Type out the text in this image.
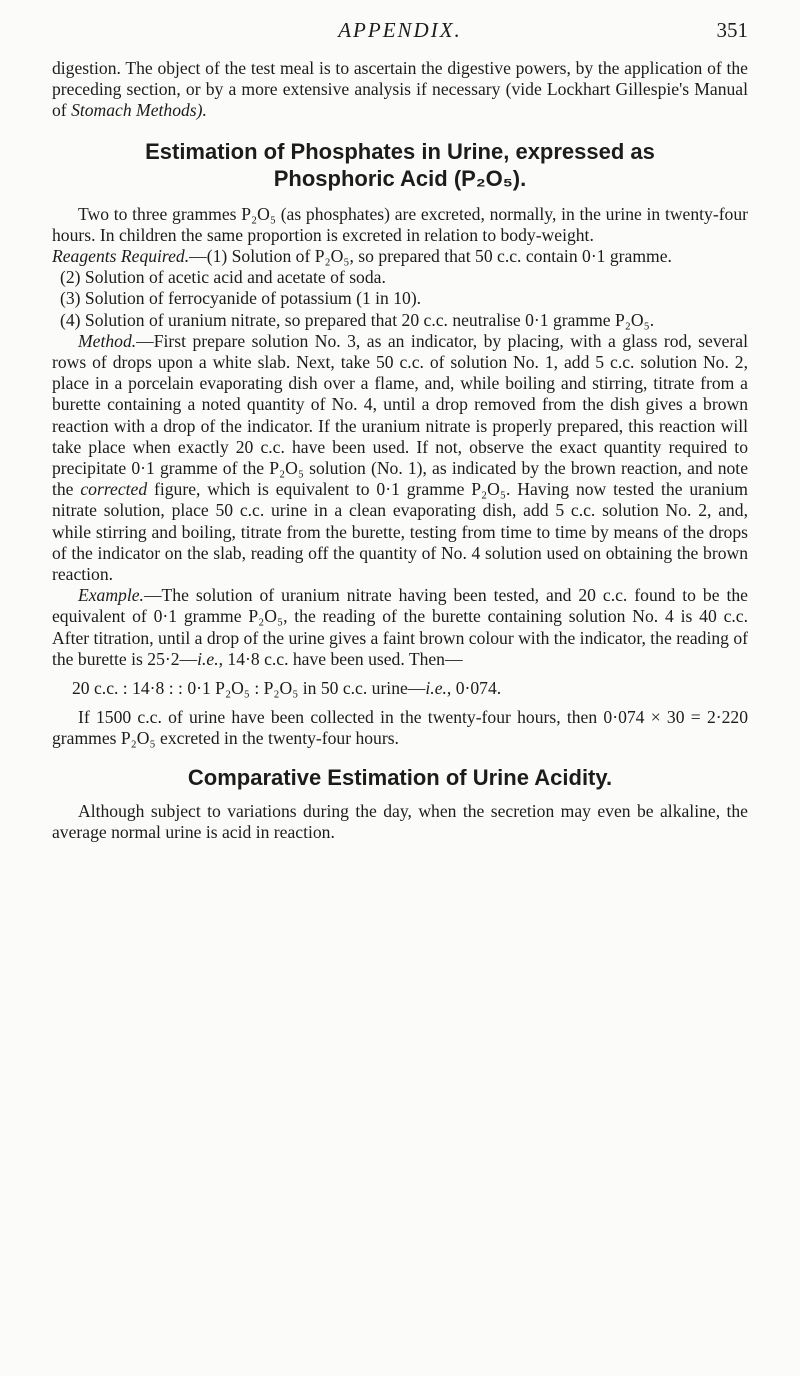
APPENDIX.	351

digestion. The object of the test meal is to ascertain the digestive powers, by the application of the preceding section, or by a more extensive analysis if necessary (vide Lockhart Gillespie's Manual of Stomach Methods).

Estimation of Phosphates in Urine, expressed as
Phosphoric Acid (P₂O₅).

Two to three grammes P₂O₅ (as phosphates) are excreted, normally, in the urine in twenty-four hours. In children the same proportion is excreted in relation to body-weight.

Reagents Required.—(1) Solution of P₂O₅, so prepared that 50 c.c. contain 0·1 gramme.

(2) Solution of acetic acid and acetate of soda.

(3) Solution of ferrocyanide of potassium (1 in 10).

(4) Solution of uranium nitrate, so prepared that 20 c.c. neutralise 0·1 gramme P₂O₅.

Method.—First prepare solution No. 3, as an indicator, by placing, with a glass rod, several rows of drops upon a white slab. Next, take 50 c.c. of solution No. 1, add 5 c.c. solution No. 2, place in a porcelain evaporating dish over a flame, and, while boiling and stirring, titrate from a burette containing a noted quantity of No. 4, until a drop removed from the dish gives a brown reaction with a drop of the indicator. If the uranium nitrate is properly prepared, this reaction will take place when exactly 20 c.c. have been used. If not, observe the exact quantity required to precipitate 0·1 gramme of the P₂O₅ solution (No. 1), as indicated by the brown reaction, and note the corrected figure, which is equivalent to 0·1 gramme P₂O₅. Having now tested the uranium nitrate solution, place 50 c.c. urine in a clean evaporating dish, add 5 c.c. solution No. 2, and, while stirring and boiling, titrate from the burette, testing from time to time by means of the drops of the indicator on the slab, reading off the quantity of No. 4 solution used on obtaining the brown reaction.

Example.—The solution of uranium nitrate having been tested, and 20 c.c. found to be the equivalent of 0·1 gramme P₂O₅, the reading of the burette containing solution No. 4 is 40 c.c. After titration, until a drop of the urine gives a faint brown colour with the indicator, the reading of the burette is 25·2—i.e., 14·8 c.c. have been used. Then—

20 c.c. : 14·8 : : 0·1 P₂O₅ : P₂O₅ in 50 c.c. urine—i.e., 0·074.

If 1500 c.c. of urine have been collected in the twenty-four hours, then 0·074 × 30 = 2·220 grammes P₂O₅ excreted in the twenty-four hours.

Comparative Estimation of Urine Acidity.

Although subject to variations during the day, when the secretion may even be alkaline, the average normal urine is acid in reaction.
